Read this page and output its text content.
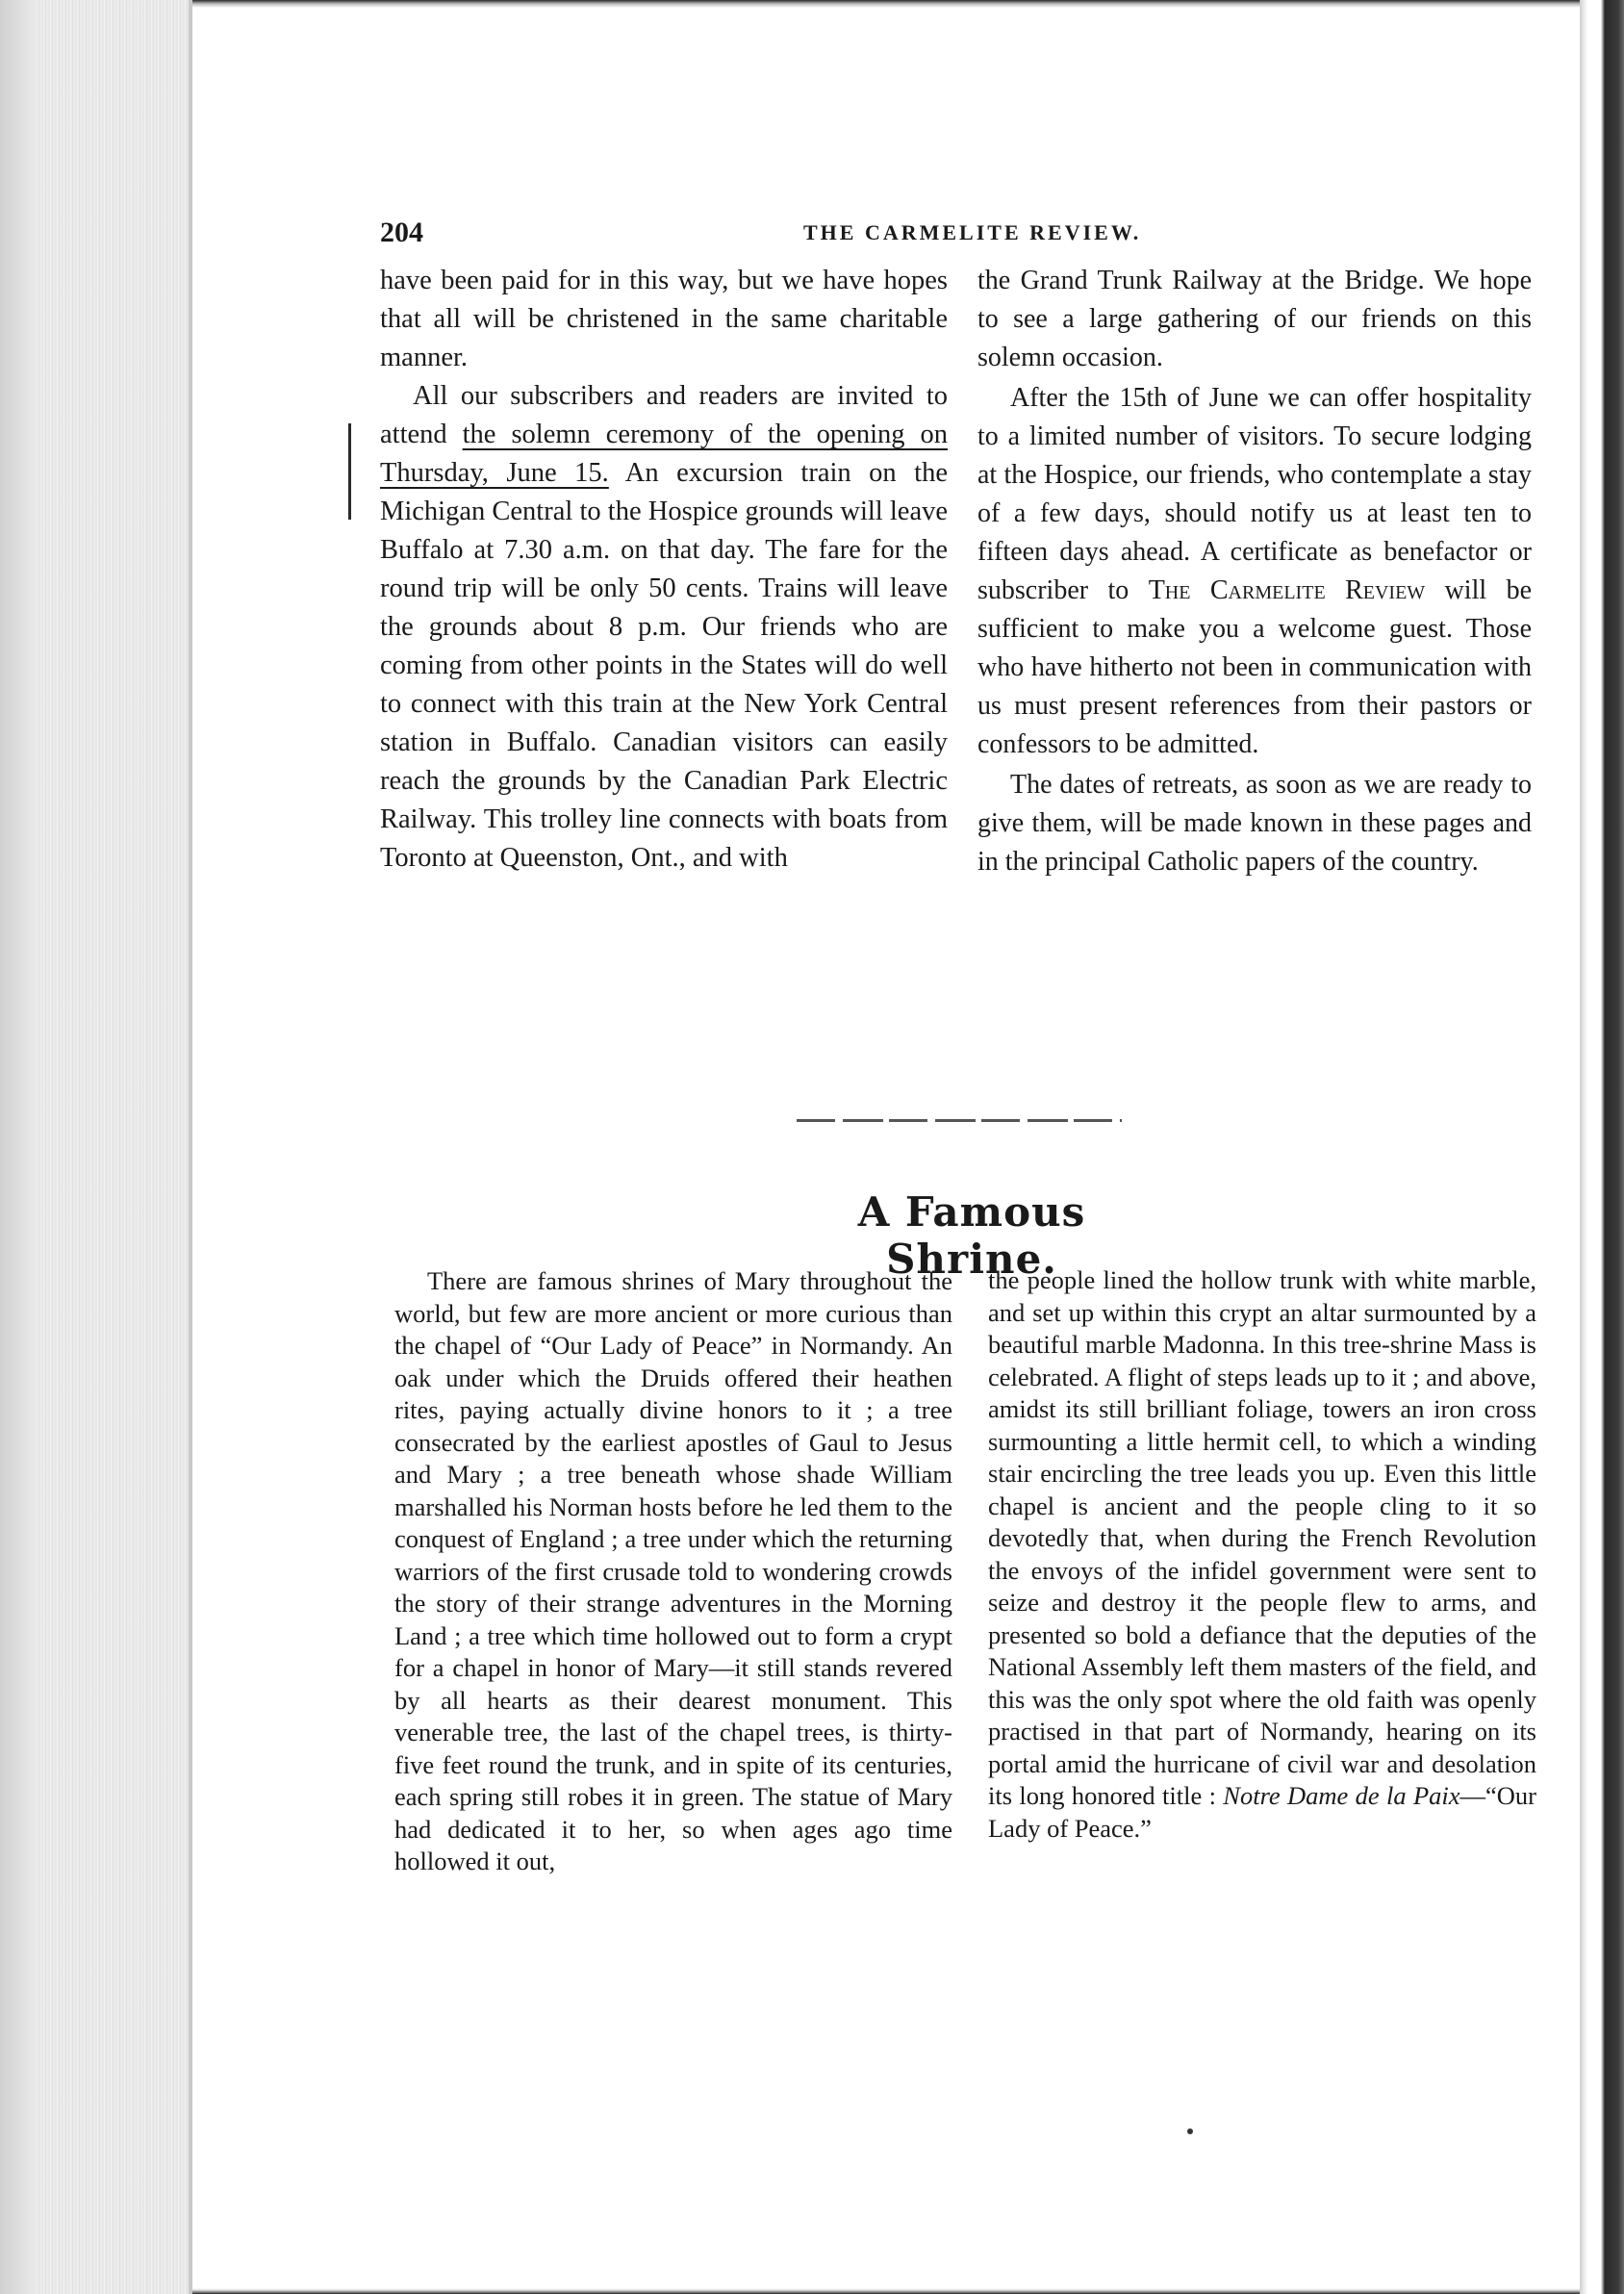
204	THE CARMELITE REVIEW.

have been paid for in this way, but we have hopes that all will be christened in the same charitable manner.

All our subscribers and readers are invited to attend the solemn ceremony of the opening on Thursday, June 15. An excursion train on the Michigan Central to the Hospice grounds will leave Buffalo at 7.30 a.m. on that day. The fare for the round trip will be only 50 cents. Trains will leave the grounds about 8 p.m. Our friends who are coming from other points in the States will do well to connect with this train at the New York Central station in Buffalo. Canadian visitors can easily reach the grounds by the Canadian Park Electric Railway. This trolley line connects with boats from Toronto at Queenston, Ont., and with

the Grand Trunk Railway at the Bridge. We hope to see a large gathering of our friends on this solemn occasion.

After the 15th of June we can offer hospitality to a limited number of visitors. To secure lodging at the Hospice, our friends, who contemplate a stay of a few days, should notify us at least ten to fifteen days ahead. A certificate as benefactor or subscriber to The Carmelite Review will be sufficient to make you a welcome guest. Those who have hitherto not been in communication with us must present references from their pastors or confessors to be admitted.

The dates of retreats, as soon as we are ready to give them, will be made known in these pages and in the principal Catholic papers of the country.

A Famous Shrine.

There are famous shrines of Mary throughout the world, but few are more ancient or more curious than the chapel of “Our Lady of Peace” in Normandy. An oak under which the Druids offered their heathen rites, paying actually divine honors to it ; a tree consecrated by the earliest apostles of Gaul to Jesus and Mary ; a tree beneath whose shade William marshalled his Norman hosts before he led them to the conquest of England ; a tree under which the returning warriors of the first crusade told to wondering crowds the story of their strange adventures in the Morning Land ; a tree which time hollowed out to form a crypt for a chapel in honor of Mary—it still stands revered by all hearts as their dearest monument. This venerable tree, the last of the chapel trees, is thirty-five feet round the trunk, and in spite of its centuries, each spring still robes it in green. The statue of Mary had dedicated it to her, so when ages ago time hollowed it out,

the people lined the hollow trunk with white marble, and set up within this crypt an altar surmounted by a beautiful marble Madonna. In this tree-shrine Mass is celebrated. A flight of steps leads up to it ; and above, amidst its still brilliant foliage, towers an iron cross surmounting a little hermit cell, to which a winding stair encircling the tree leads you up. Even this little chapel is ancient and the people cling to it so devotedly that, when during the French Revolution the envoys of the infidel government were sent to seize and destroy it the people flew to arms, and presented so bold a defiance that the deputies of the National Assembly left them masters of the field, and this was the only spot where the old faith was openly practised in that part of Normandy, hearing on its portal amid the hurricane of civil war and desolation its long honored title : Notre Dame de la Paix—“Our Lady of Peace.”
